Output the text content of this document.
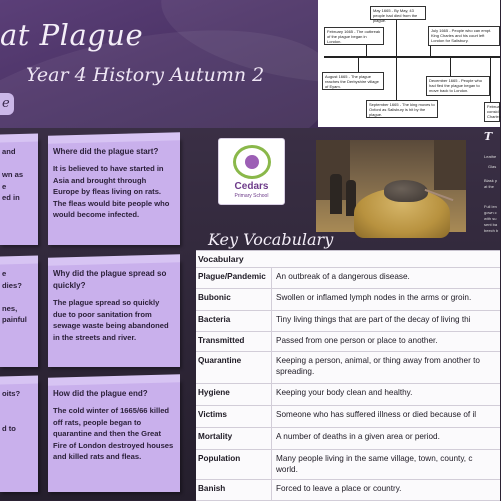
at Plague
Year 4 History Autumn 2
e
May 1665 - By May, 43 people had died from the plague.
February 1665 - The outbreak of the plague began in London.
July 1665 - People who can empt. King Charles and his court left London for Salisbury.
August 1665 - The plague reaches the Derbyshire village of Eyam.
December 1665 - People who had fled the plague began to move back to London.
September 1665 - The king moves to Oxford as Salisbury is hit by the plague.
Februa consid Charles

and

wn as

e

ed in

e

dies?

nes,

painful

oits?

d to

Where did the plague start?

It is believed to have started in Asia and brought through Europe by fleas living on rats. The fleas would bite people who would become infected.

Why did the plague spread so quickly?

The plague spread so quickly due to poor sanitation from sewage waste being abandoned in the streets and river.

How did the plague end?

The cold winter of 1665/66 killed off rats, people began to quarantine and then the Great Fire of London destroyed houses and killed rats and fleas.

Cedars
Primary School
T
Leathe
Glas
Blask p at the
Full len gown c with su sent ba beech b
Key Vocabulary
Vocabulary
Plague/Pandemic	An outbreak of a dangerous disease.
Bubonic	Swollen or inflamed lymph nodes in the arms or groin.
Bacteria	Tiny living things that are part of the decay of living thi
Transmitted	Passed from one person or place to another.
Quarantine	Keeping a person, animal, or thing away from another to spreading.
Hygiene	Keeping your body clean and healthy.
Victims	Someone who has suffered illness or died because of il
Mortality	A number of deaths in a given area or period.
Population	Many people living in the same village, town, county, c world.
Banish	Forced to leave a place or country.
